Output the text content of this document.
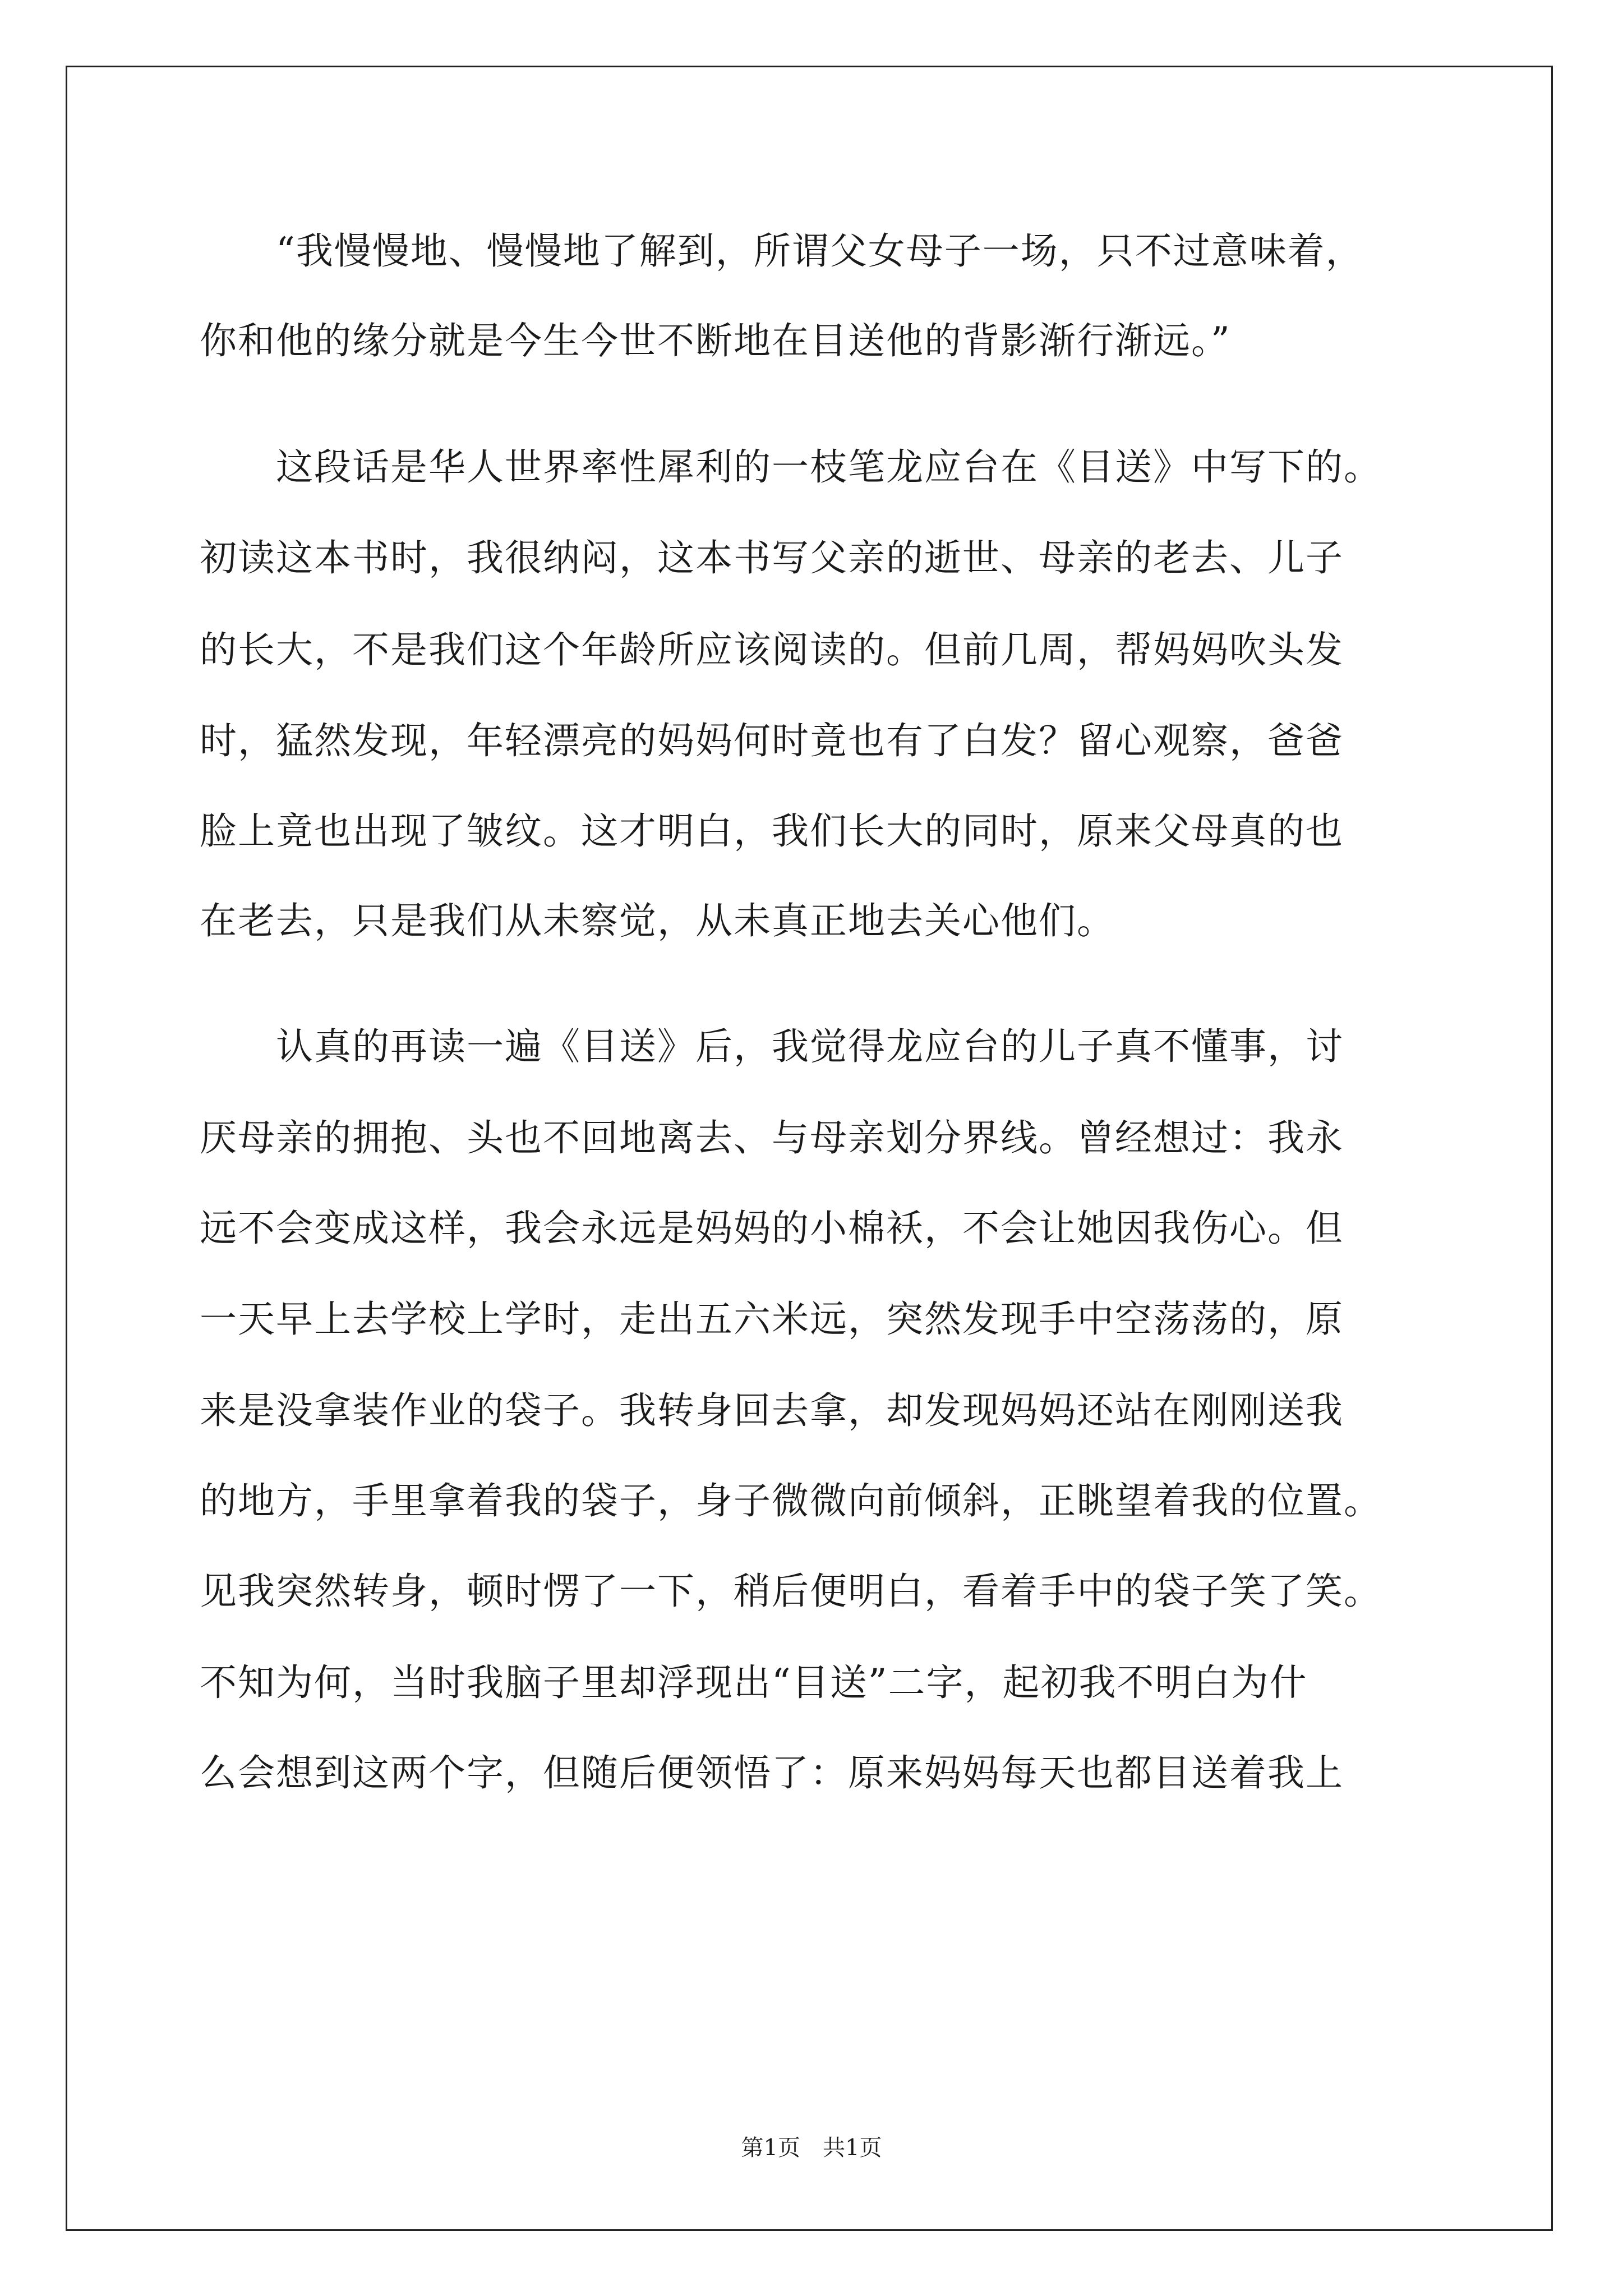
　　“我慢慢地、慢慢地了解到，所谓父女母子一场，只不过意味着，
你和他的缘分就是今生今世不断地在目送他的背影渐行渐远。”
　　这段话是华人世界率性犀利的一枝笔龙应台在《目送》中写下的。
初读这本书时，我很纳闷，这本书写父亲的逝世、母亲的老去、儿子
的长大，不是我们这个年龄所应该阅读的。但前几周，帮妈妈吹头发
时，猛然发现，年轻漂亮的妈妈何时竟也有了白发？留心观察，爸爸
脸上竟也出现了皱纹。这才明白，我们长大的同时，原来父母真的也
在老去，只是我们从未察觉，从未真正地去关心他们。
　　认真的再读一遍《目送》后，我觉得龙应台的儿子真不懂事，讨
厌母亲的拥抱、头也不回地离去、与母亲划分界线。曾经想过：我永
远不会变成这样，我会永远是妈妈的小棉袄，不会让她因我伤心。但
一天早上去学校上学时，走出五六米远，突然发现手中空荡荡的，原
来是没拿装作业的袋子。我转身回去拿，却发现妈妈还站在刚刚送我
的地方，手里拿着我的袋子，身子微微向前倾斜，正眺望着我的位置。
见我突然转身，顿时愣了一下，稍后便明白，看着手中的袋子笑了笑。
不知为何，当时我脑子里却浮现出“目送”二字，起初我不明白为什
么会想到这两个字，但随后便领悟了：原来妈妈每天也都目送着我上
第1页 共1页
